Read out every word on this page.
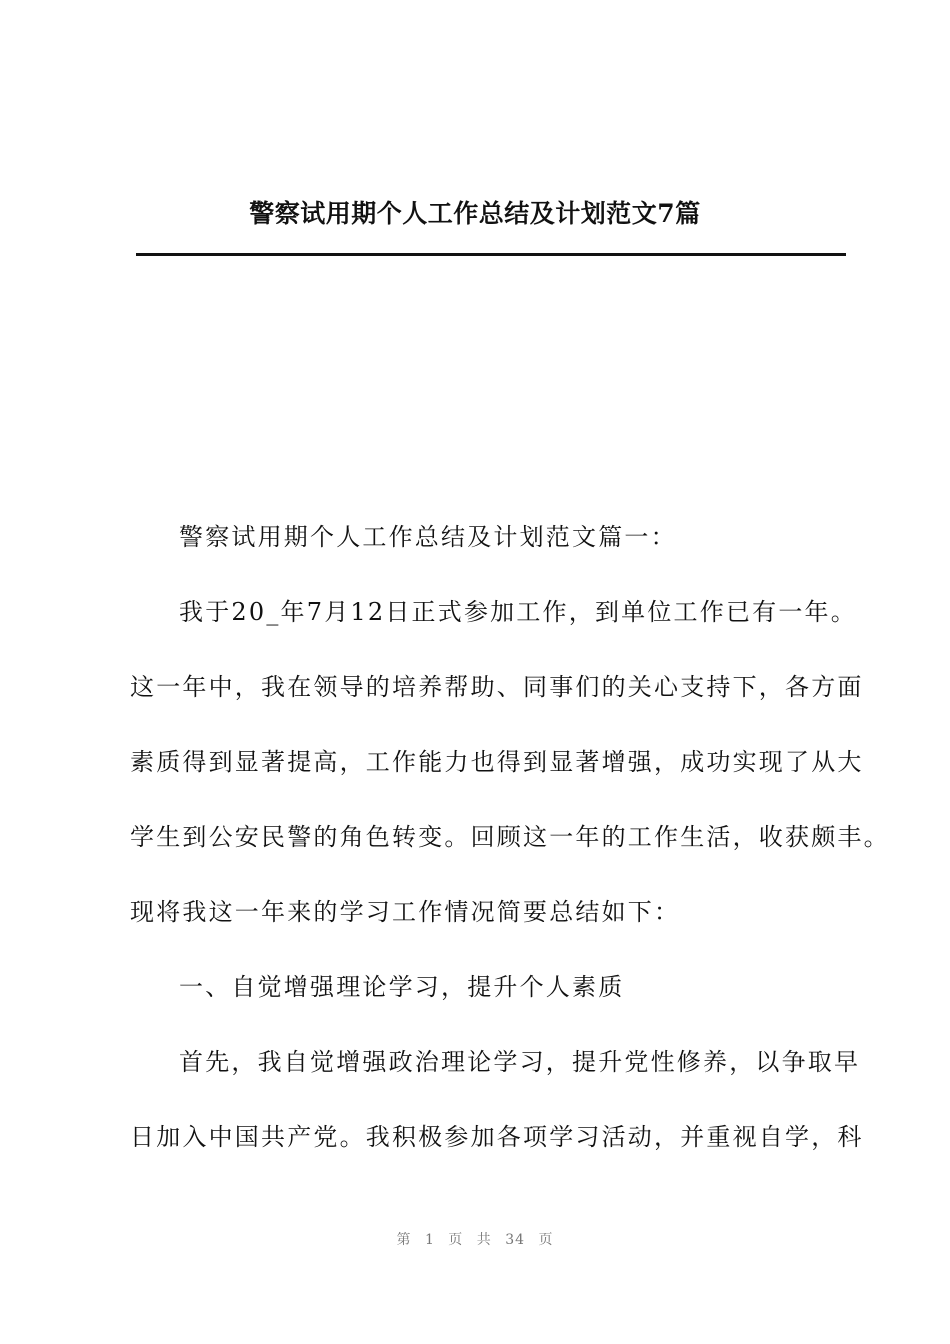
警察试用期个人工作总结及计划范文7篇
警察试用期个人工作总结及计划范文篇一：
我于20_年7月12日正式参加工作，到单位工作已有一年。
这一年中，我在领导的培养帮助、同事们的关心支持下，各方面
素质得到显著提高，工作能力也得到显著增强，成功实现了从大
学生到公安民警的角色转变。回顾这一年的工作生活，收获颇丰。
现将我这一年来的学习工作情况简要总结如下：
一、自觉增强理论学习，提升个人素质
首先，我自觉增强政治理论学习，提升党性修养，以争取早
日加入中国共产党。我积极参加各项学习活动，并重视自学，科
第 1 页 共 34 页
